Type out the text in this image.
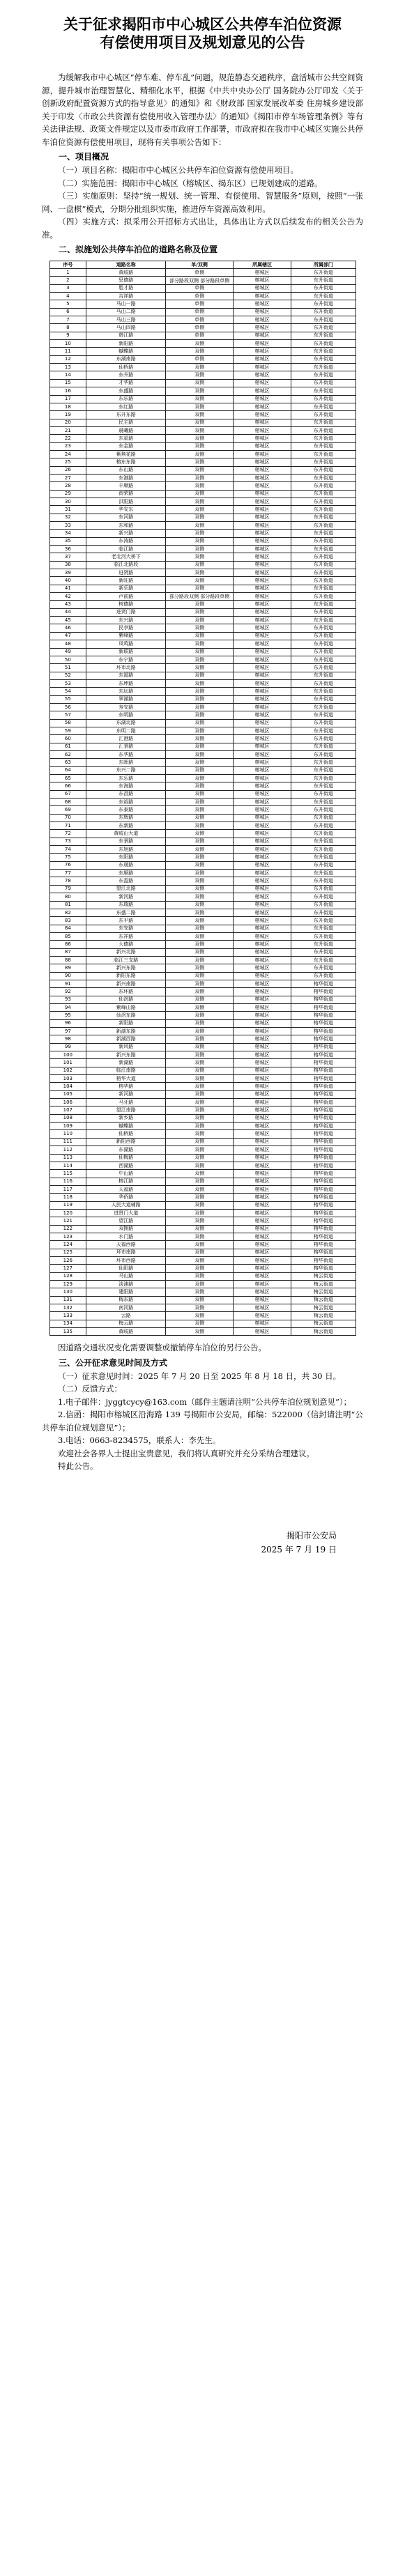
关于征求揭阳市中心城区公共停车泊位资源
有偿使用项目及规划意见的公告

为缓解我市中心城区“停车难、停车乱”问题，规范静态交通秩序，盘活城市公共空间资源，提升城市治理智慧化、精细化水平，根据《中共中央办公厅 国务院办公厅印发〈关于创新政府配置资源方式的指导意见〉的通知》和《财政部 国家发展改革委 住房城乡建设部关于印发〈市政公共资源有偿使用收入管理办法〉的通知》《揭阳市停车场管理条例》等有关法律法规、政策文件规定以及市委市政府工作部署，市政府拟在我市中心城区实施公共停车泊位资源有偿使用项目，现将有关事项公告如下：

一、项目概况

（一）项目名称：揭阳市中心城区公共停车泊位资源有偿使用项目。

（二）实施范围：揭阳市中心城区（榕城区、揭东区）已规划建成的道路。

（三）实施原则：坚持“统一规划、统一管理、有偿使用、智慧服务”原则，按照“一张网、一盘棋”模式，分期分批组织实施，推进停车资源高效利用。

（四）实施方式：拟采用公开招标方式出让，具体出让方式以后续发布的相关公告为准。

二、拟施划公共停车泊位的道路名称及位置
序号	道路名称	单/双侧	所属辖区	所属部门
1	黄岐路	单侧	榕城区	东升街道
2	思德路	部分路段双侧 部分路段单侧	榕城区	东升街道
3	胜才路	单侧	榕城区	东升街道
4	吉祥路	单侧	榕城区	东升街道
5	马山一路	单侧	榕城区	东升街道
6	马山二路	单侧	榕城区	东升街道
7	马山三路	单侧	榕城区	东升街道
8	马山四路	单侧	榕城区	东升街道
9	韩江路	单侧	榕城区	东升街道
10	新阳路	双侧	榕城区	东升街道
11	蝴蝶路	双侧	榕城区	东升街道
12	东湖南路	单侧	榕城区	东升街道
13	仙桥路	双侧	榕城区	东升街道
14	东升路	双侧	榕城区	东升街道
15	才华路	双侧	榕城区	东升街道
16	东盛路	双侧	榕城区	东升街道
17	东乐路	双侧	榕城区	东升街道
18	东红路	双侧	榕城区	东升街道
19	东升东路	双侧	榕城区	东升街道
20	民主路	双侧	榕城区	东升街道
21	晨曦路	双侧	榕城区	东升街道
22	东星路	双侧	榕城区	东升街道
23	东金路	双侧	榕城区	东升街道
24	紫荆花路	双侧	榕城区	东升街道
25	榕东东路	双侧	榕城区	东升街道
26	东山路	双侧	榕城区	东升街道
27	东港路	双侧	榕城区	东升街道
28	丰顺路	双侧	榕城区	东升街道
29	南荣路	双侧	榕城区	东升街道
30	洪阳路	双侧	榕城区	东升街道
31	华安东	双侧	榕城区	东升街道
32	东河路	双侧	榕城区	东升街道
33	东和路	双侧	榕城区	东升街道
34	新兴路	双侧	榕城区	东升街道
35	东涛路	双侧	榕城区	东升街道
36	临江路	双侧	榕城区	东升街道
37	老北河大桥下	双侧	榕城区	东升街道
38	临江北路段	双侧	榕城区	东升街道
39	进贤路	双侧	榕城区	东升街道
40	新旺路	双侧	榕城区	东升街道
41	新乐路	双侧	榕城区	东升街道
42	卢前路	部分路段双侧 部分路段单侧	榕城区	东升街道
43	树德路	双侧	榕城区	东升街道
44	进贤门路	双侧	榕城区	东升街道
45	东兴路	双侧	榕城区	东升街道
46	民享路	双侧	榕城区	东升街道
47	紫峰路	双侧	榕城区	东升街道
48	凤鸣路	双侧	榕城区	东升街道
49	新联路	双侧	榕城区	东升街道
50	东宁路	双侧	榕城区	东升街道
51	环市北路	双侧	榕城区	东升街道
52	东福路	双侧	榕城区	东升街道
53	东坤路	双侧	榕城区	东升街道
54	东坛路	双侧	榕城区	东升街道
55	翠湖路	双侧	榕城区	东升街道
56	寿安路	双侧	榕城区	东升街道
57	东明路	双侧	榕城区	东升街道
58	东湖北路	双侧	榕城区	东升街道
59	东明二路	双侧	榕城区	东升街道
60	汇港路	双侧	榕城区	东升街道
61	汇景路	双侧	榕城区	东升街道
62	东华路	双侧	榕城区	东升街道
63	东晖路	双侧	榕城区	东升街道
64	东兴二路	双侧	榕城区	东升街道
65	东乐路	双侧	榕城区	东升街道
66	东海路	双侧	榕城区	东升街道
67	东昌路	双侧	榕城区	东升街道
68	东裕路	双侧	榕城区	东升街道
69	东泰路	双侧	榕城区	东升街道
70	东辉路	双侧	榕城区	东升街道
71	东新路	双侧	榕城区	东升街道
72	黄岐山大道	双侧	榕城区	东升街道
73	东景路	双侧	榕城区	东升街道
74	东旭路	双侧	榕城区	东升街道
75	东阳路	双侧	榕城区	东升街道
76	东晟路	双侧	榕城区	东升街道
77	东顺路	双侧	榕城区	东升街道
78	东盈路	双侧	榕城区	东升街道
79	望江北路	双侧	榕城区	东升街道
80	新河路	双侧	榕城区	东升街道
81	东瑞路	双侧	榕城区	东升街道
82	东盛二路	双侧	榕城区	东升街道
83	东平路	双侧	榕城区	东升街道
84	东安路	双侧	榕城区	东升街道
85	东祥路	双侧	榕城区	东升街道
86	大德路	双侧	榕城区	东升街道
87	新兴北路	双侧	榕城区	东升街道
88	临江三支路	双侧	榕城区	东升街道
89	新兴东路	双侧	榕城区	东升街道
90	新阳东路	双侧	榕城区	东升街道
91	新兴南路	双侧	榕城区	榕华街道
92	东环路	双侧	榕城区	榕华街道
93	仙滘路	双侧	榕城区	榕华街道
94	紫峰山路	双侧	榕城区	榕华街道
95	仙滘东路	双侧	榕城区	榕华街道
96	新阳路	双侧	榕城区	榕华街道
97	新湖东路	双侧	榕城区	榕华街道
98	新湖西路	双侧	榕城区	榕华街道
99	新风路	双侧	榕城区	榕华街道
100	新兴东路	双侧	榕城区	榕华街道
101	新湖路	双侧	榕城区	榕华街道
102	临江南路	双侧	榕城区	榕华街道
103	榕华大道	双侧	榕城区	榕华街道
104	榕华路	双侧	榕城区	榕华街道
105	新河路	双侧	榕城区	榕华街道
106	马牙路	双侧	榕城区	榕华街道
107	望江南路	双侧	榕城区	榕华街道
108	新乡路	双侧	榕城区	榕华街道
109	蝴蝶路	双侧	榕城区	榕华街道
110	仙桥路	双侧	榕城区	榕华街道
111	新阳西路	双侧	榕城区	榕华街道
112	东湖路	双侧	榕城区	榕华街道
113	仙梅路	双侧	榕城区	榕华街道
114	西湖路	双侧	榕城区	榕华街道
115	中山路	双侧	榕城区	榕华街道
116	榕江路	双侧	榕城区	榕华街道
117	天福路	双侧	榕城区	榕华街道
118	华侨路	双侧	榕城区	榕华街道
119	人民大道辅路	双侧	榕城区	榕华街道
120	进贤门大道	双侧	榕城区	榕华街道
121	望江路	双侧	榕城区	榕华街道
122	双拥路	双侧	榕城区	榕华街道
123	水门路	双侧	榕城区	榕华街道
124	天福西路	双侧	榕城区	榕华街道
125	环市南路	双侧	榕城区	榕华街道
126	环市西路	双侧	榕城区	榕华街道
127	仙阳路	双侧	榕城区	榕华街道
128	马山路	双侧	榕城区	梅云街道
129	淡浦路	双侧	榕城区	梅云街道
130	建阳路	双侧	榕城区	梅云街道
131	梅东路	双侧	榕城区	梅云街道
132	南河路	双侧	榕城区	梅云街道
133	云路	双侧	榕城区	梅云街道
134	梅云路	双侧	榕城区	梅云街道
135	黄岐路	双侧	榕城区	梅云街道

因道路交通状况变化需要调整或撤销停车泊位的另行公告。

三、公开征求意见时间及方式

（一）征求意见时间：2025 年 7 月 20 日至 2025 年 8 月 18 日，共 30 日。

（二）反馈方式：

1.电子邮件：jyggtcycy@163.com（邮件主题请注明“公共停车泊位规划意见”）；

2.信函：揭阳市榕城区沿海路 139 号揭阳市公安局，邮编：522000（信封请注明“公共停车泊位规划意见”）；

3.电话：0663-8234575，联系人：李先生。

欢迎社会各界人士提出宝贵意见，我们将认真研究并充分采纳合理建议。

特此公告。

揭阳市公安局
2025 年 7 月 19 日
